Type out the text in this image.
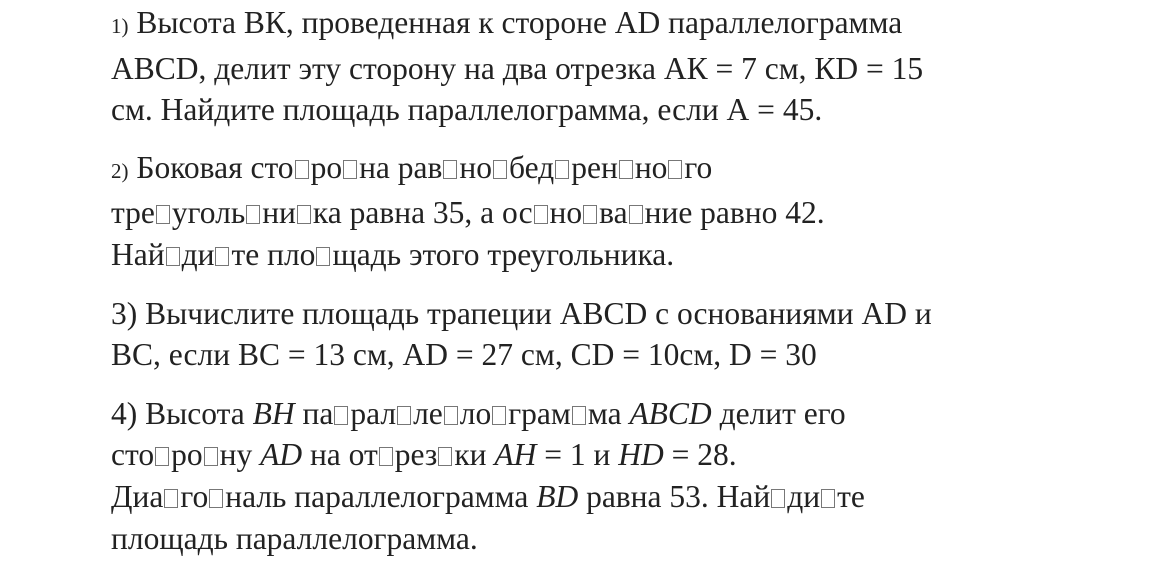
1) Высота ВК, проведенная к стороне АD параллелограмма
АВСD, делит эту сторону на два отрезка АК = 7 см, КD = 15
см. Найдите площадь параллелограмма, если А = 45.
2) Боковая сто ро на рав но бед рен но го
тре уголь ни ка равна 35, а ос но ва ние равно 42.
Най ди те пло щадь этого треугольника.
3) Вычислите площадь трапеции ABCD с основаниями AD и
BC, если BC = 13 см, AD = 27 см, CD = 10см, D = 30
4) Высота BH па рал ле ло грам ма ABCD делит его
сто ро ну AD на от рез ки AH = 1 и HD = 28.
Диа го наль параллелограмма BD равна 53. Най ди те
площадь параллелограмма.
